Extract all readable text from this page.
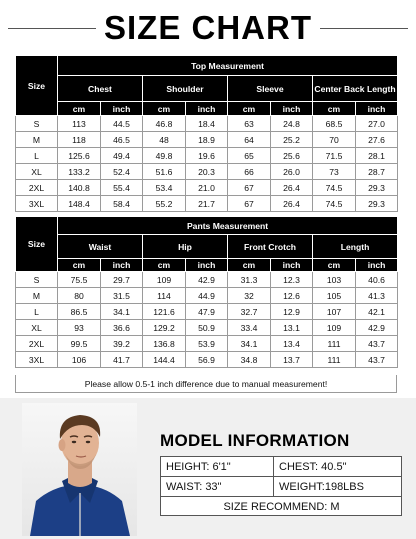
SIZE CHART
Size	Top Measurement							
	Chest		Shoulder		Sleeve		Center Back Length	
	cm	inch	cm	inch	cm	inch	cm	inch
S	113	44.5	46.8	18.4	63	24.8	68.5	27.0
M	118	46.5	48	18.9	64	25.2	70	27.6
L	125.6	49.4	49.8	19.6	65	25.6	71.5	28.1
XL	133.2	52.4	51.6	20.3	66	26.0	73	28.7
2XL	140.8	55.4	53.4	21.0	67	26.4	74.5	29.3
3XL	148.4	58.4	55.2	21.7	67	26.4	74.5	29.3
Size	Pants Measurement							
	Waist		Hip		Front Crotch		Length	
	cm	inch	cm	inch	cm	inch	cm	inch
S	75.5	29.7	109	42.9	31.3	12.3	103	40.6
M	80	31.5	114	44.9	32	12.6	105	41.3
L	86.5	34.1	121.6	47.9	32.7	12.9	107	42.1
XL	93	36.6	129.2	50.9	33.4	13.1	109	42.9
2XL	99.5	39.2	136.8	53.9	34.1	13.4	111	43.7
3XL	106	41.7	144.4	56.9	34.8	13.7	111	43.7
Please allow 0.5-1 inch difference due to manual measurement!
MODEL INFORMATION
HEIGHT: 6'1"	CHEST: 40.5"
WAIST: 33"	WEIGHT:198LBS
SIZE RECOMMEND: M
